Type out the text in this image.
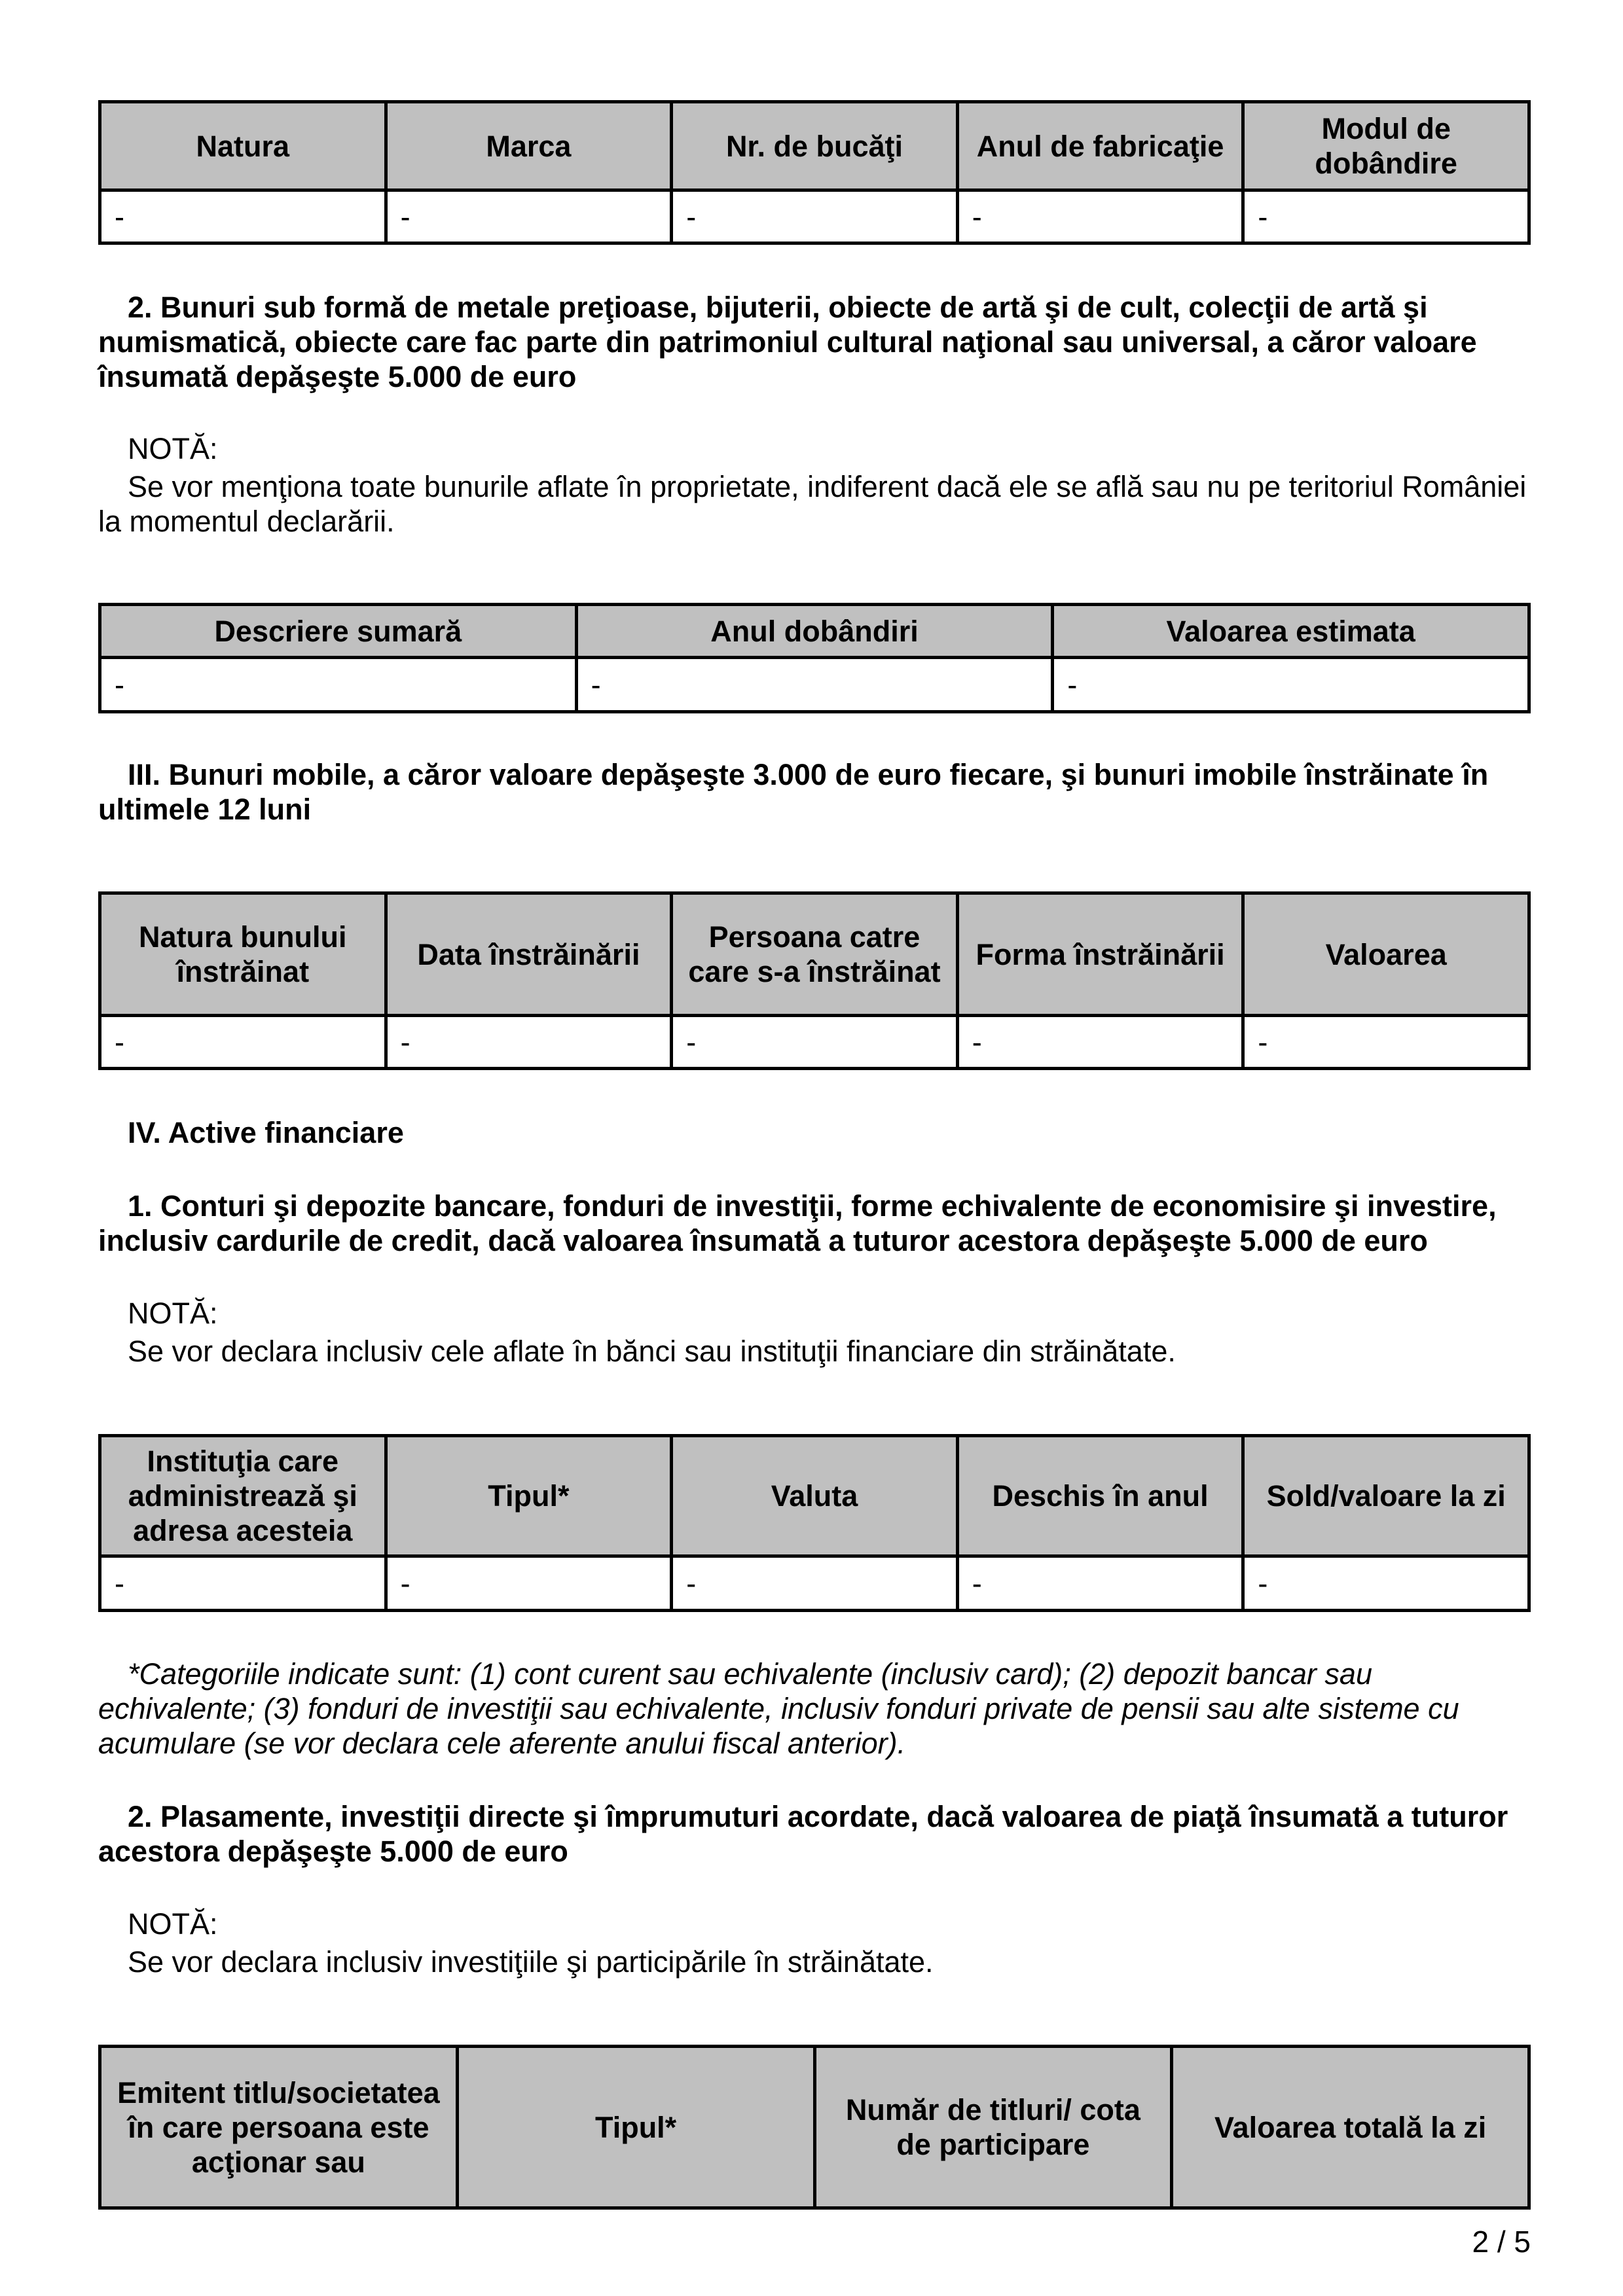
Natura	Marca	Nr. de bucăţi	Anul de fabricaţie	Modul de dobândire
-	-	-	-	-

2. Bunuri sub formă de metale preţioase, bijuterii, obiecte de artă şi de cult, colecţii de artă şi numismatică, obiecte care fac parte din patrimoniul cultural naţional sau universal, a căror valoare însumată depăşeşte 5.000 de euro

NOTĂ:

Se vor menţiona toate bunurile aflate în proprietate, indiferent dacă ele se află sau nu pe teritoriul României la momentul declarării.

Descriere sumară	Anul dobândiri	Valoarea estimata
-	-	-

III. Bunuri mobile, a căror valoare depăşeşte 3.000 de euro fiecare, şi bunuri imobile înstrăinate în ultimele 12 luni

Natura bunului înstrăinat	Data înstrăinării	Persoana catre care s-a înstrăinat	Forma înstrăinării	Valoarea
-	-	-	-	-

IV. Active financiare

1. Conturi şi depozite bancare, fonduri de investiţii, forme echivalente de economisire şi investire, inclusiv cardurile de credit, dacă valoarea însumată a tuturor acestora depăşeşte 5.000 de euro

NOTĂ:

Se vor declara inclusiv cele aflate în bănci sau instituţii financiare din străinătate.

Instituţia care administrează şi adresa acesteia	Tipul*	Valuta	Deschis în anul	Sold/valoare la zi
-	-	-	-	-

*Categoriile indicate sunt: (1) cont curent sau echivalente (inclusiv card); (2) depozit bancar sau echivalente; (3) fonduri de investiţii sau echivalente, inclusiv fonduri private de pensii sau alte sisteme cu acumulare (se vor declara cele aferente anului fiscal anterior).

2. Plasamente, investiţii directe şi împrumuturi acordate, dacă valoarea de piaţă însumată a tuturor acestora depăşeşte 5.000 de euro

NOTĂ:

Se vor declara inclusiv investiţiile şi participările în străinătate.

Emitent titlu/societatea în care persoana este acţionar sau	Tipul*	Număr de titluri/ cota de participare	Valoarea totală la zi

2 / 5
